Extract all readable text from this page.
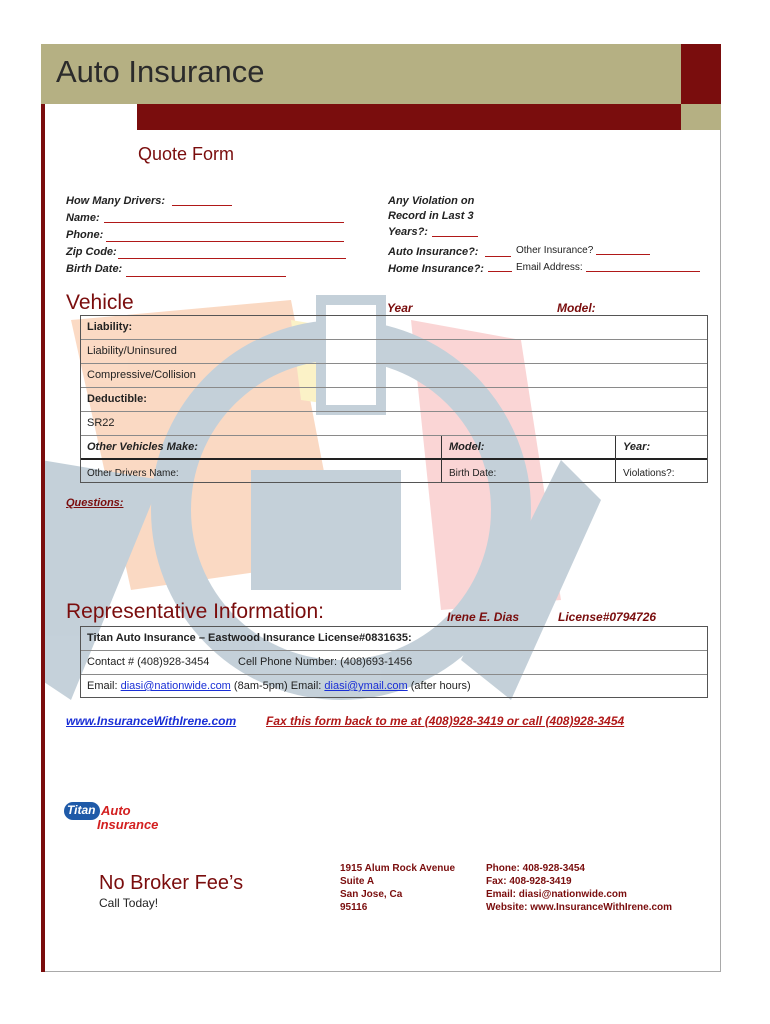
Auto Insurance
Quote Form
How Many Drivers:
Name:
Phone:
Zip Code:
Birth Date:
Any Violation on
Record in Last 3
Years?:
Auto Insurance?:	Other Insurance?
Home Insurance?:	Email Address:
Vehicle	Year	Model:
Liability:
Liability/Uninsured
Compressive/Collision
Deductible:
SR22
Other Vehicles Make:	Model:	Year:
Other Drivers Name:	Birth Date:	Violations?:
Questions:
Representative Information:	Irene E. Dias	License#0794726
Titan Auto Insurance – Eastwood Insurance License#0831635:
Contact # (408)928-3454	Cell Phone Number: (408)693-1456
Email: diasi@nationwide.com (8am-5pm) Email: diasi@ymail.com (after hours)
www.InsuranceWithIrene.com Fax this form back to me at (408)928-3419 or call (408)928-3454
Titan Auto
Insurance
No Broker Fee’s
Call Today!
1915 Alum Rock Avenue
Suite A
San Jose, Ca
95116
Phone: 408-928-3454
Fax: 408-928-3419
Email: diasi@nationwide.com
Website: www.InsuranceWithIrene.com
